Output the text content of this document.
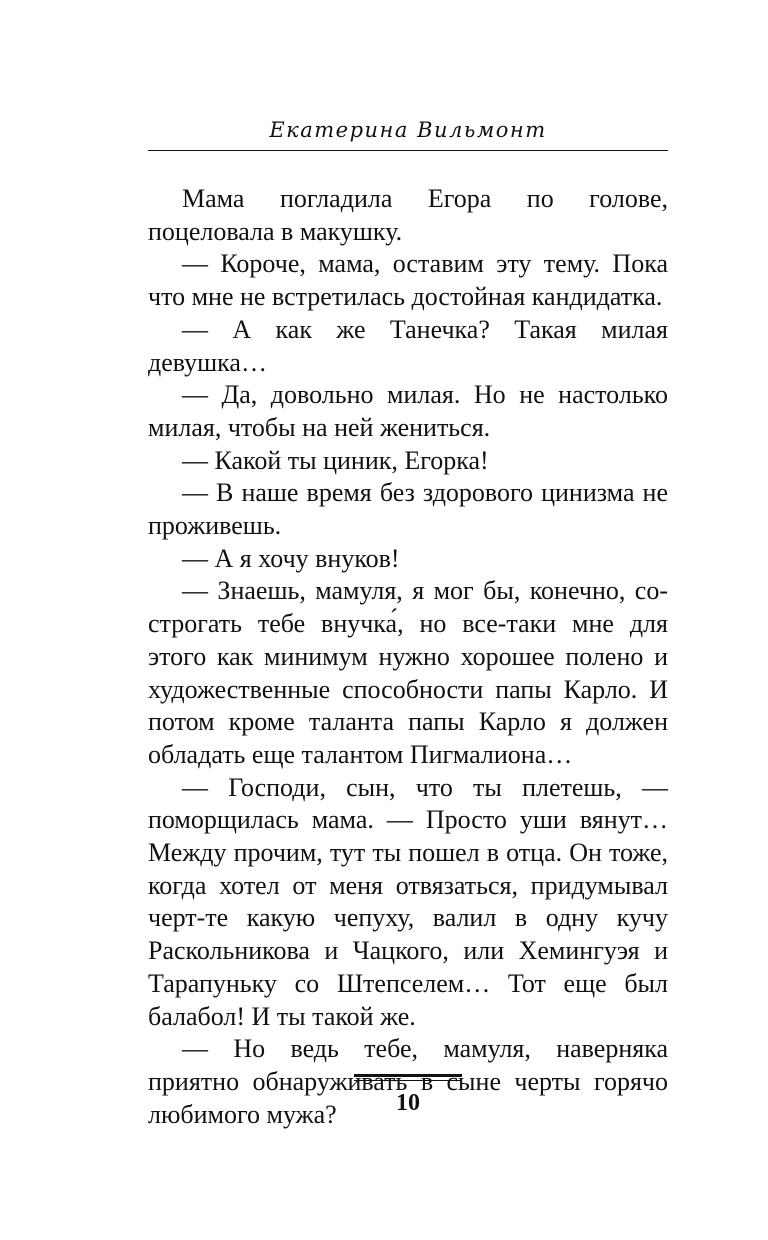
Екатерина Вильмонт

Мама погладила Егора по голове, поцеловала в макушку.

— Короче, мама, оставим эту тему. Пока что мне не встретилась достойная кандидатка.

— А как же Танечка? Такая милая девушка…

— Да, довольно милая. Но не настолько милая, чтобы на ней жениться.

— Какой ты циник, Егорка!

— В наше время без здорового цинизма не проживешь.

— А я хочу внуков!

— Знаешь, мамуля, я мог бы, конечно, сострогать тебе внучка́, но все-таки мне для этого как минимум нужно хорошее полено и художественные способности папы Карло. И потом кроме таланта папы Карло я должен обладать еще талантом Пигмалиона…

— Господи, сын, что ты плетешь, — поморщилась мама. — Просто уши вянут… Между прочим, тут ты пошел в отца. Он тоже, когда хотел от меня отвязаться, придумывал черт-те какую чепуху, валил в одну кучу Раскольникова и Чацкого, или Хемингуэя и Тарапуньку со Штепселем… Тот еще был балабол! И ты такой же.

— Но ведь тебе, мамуля, наверняка приятно обнаруживать в сыне черты горячо любимого мужа?	10
